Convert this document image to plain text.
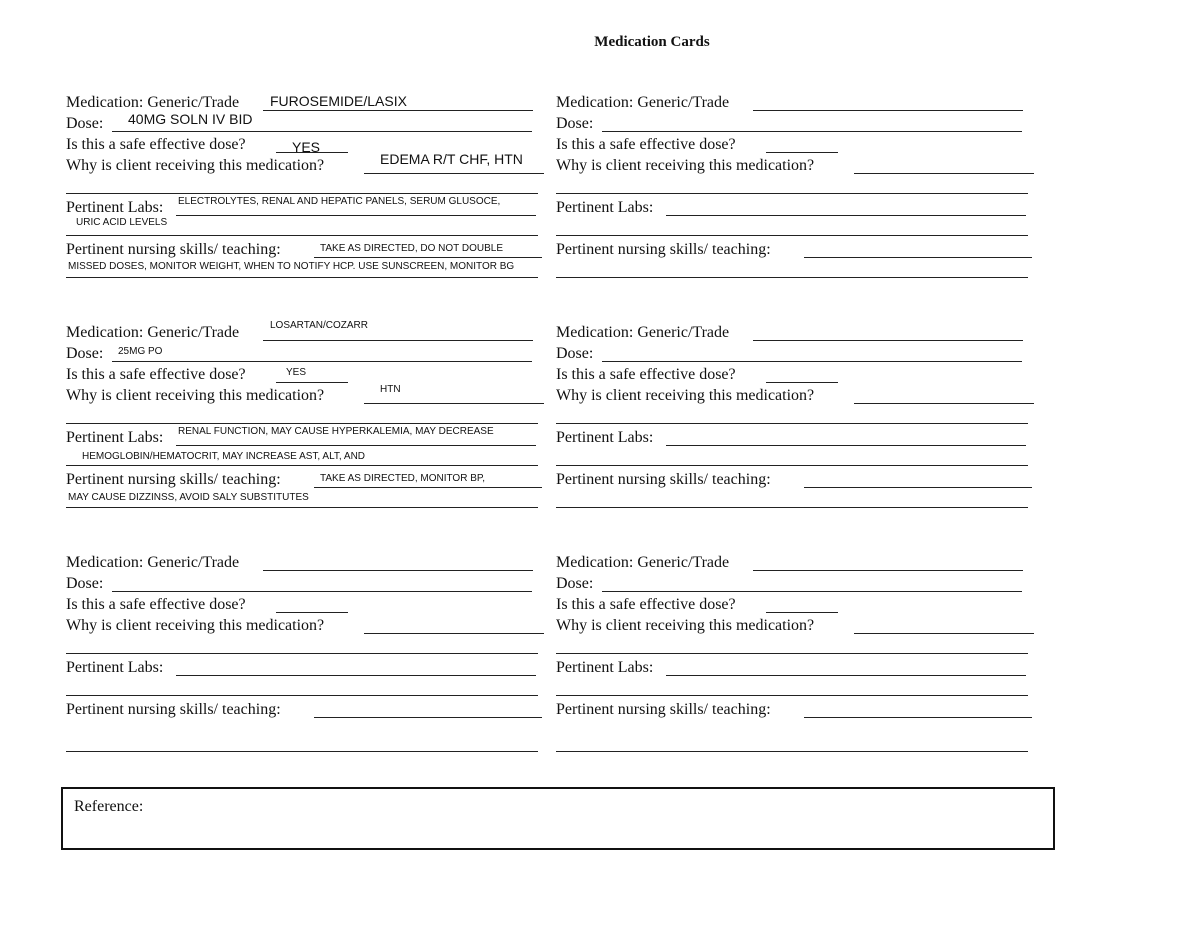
Medication Cards
Medication: Generic/Trade
Dose:
Is this a safe effective dose?
Why is client receiving this medication?
Pertinent Labs:
Pertinent nursing skills/ teaching:
FUROSEMIDE/LASIX
40MG SOLN IV BID
YES
EDEMA R/T CHF, HTN
ELECTROLYTES, RENAL AND HEPATIC PANELS, SERUM GLUSOCE,
URIC ACID LEVELS
TAKE AS DIRECTED, DO NOT DOUBLE
MISSED DOSES, MONITOR WEIGHT, WHEN TO NOTIFY HCP. USE SUNSCREEN, MONITOR BG
Medication: Generic/Trade
Dose:
Is this a safe effective dose?
Why is client receiving this medication?
Pertinent Labs:
Pertinent nursing skills/ teaching:
Medication: Generic/Trade
Dose:
Is this a safe effective dose?
Why is client receiving this medication?
Pertinent Labs:
Pertinent nursing skills/ teaching:
LOSARTAN/COZARR
25MG PO
YES
HTN
RENAL FUNCTION, MAY CAUSE HYPERKALEMIA, MAY DECREASE
HEMOGLOBIN/HEMATOCRIT, MAY INCREASE AST, ALT, AND
TAKE AS DIRECTED, MONITOR BP,
MAY CAUSE DIZZINSS, AVOID SALY SUBSTITUTES
Medication: Generic/Trade
Dose:
Is this a safe effective dose?
Why is client receiving this medication?
Pertinent Labs:
Pertinent nursing skills/ teaching:
Medication: Generic/Trade
Dose:
Is this a safe effective dose?
Why is client receiving this medication?
Pertinent Labs:
Pertinent nursing skills/ teaching:
Medication: Generic/Trade
Dose:
Is this a safe effective dose?
Why is client receiving this medication?
Pertinent Labs:
Pertinent nursing skills/ teaching:
Reference:
